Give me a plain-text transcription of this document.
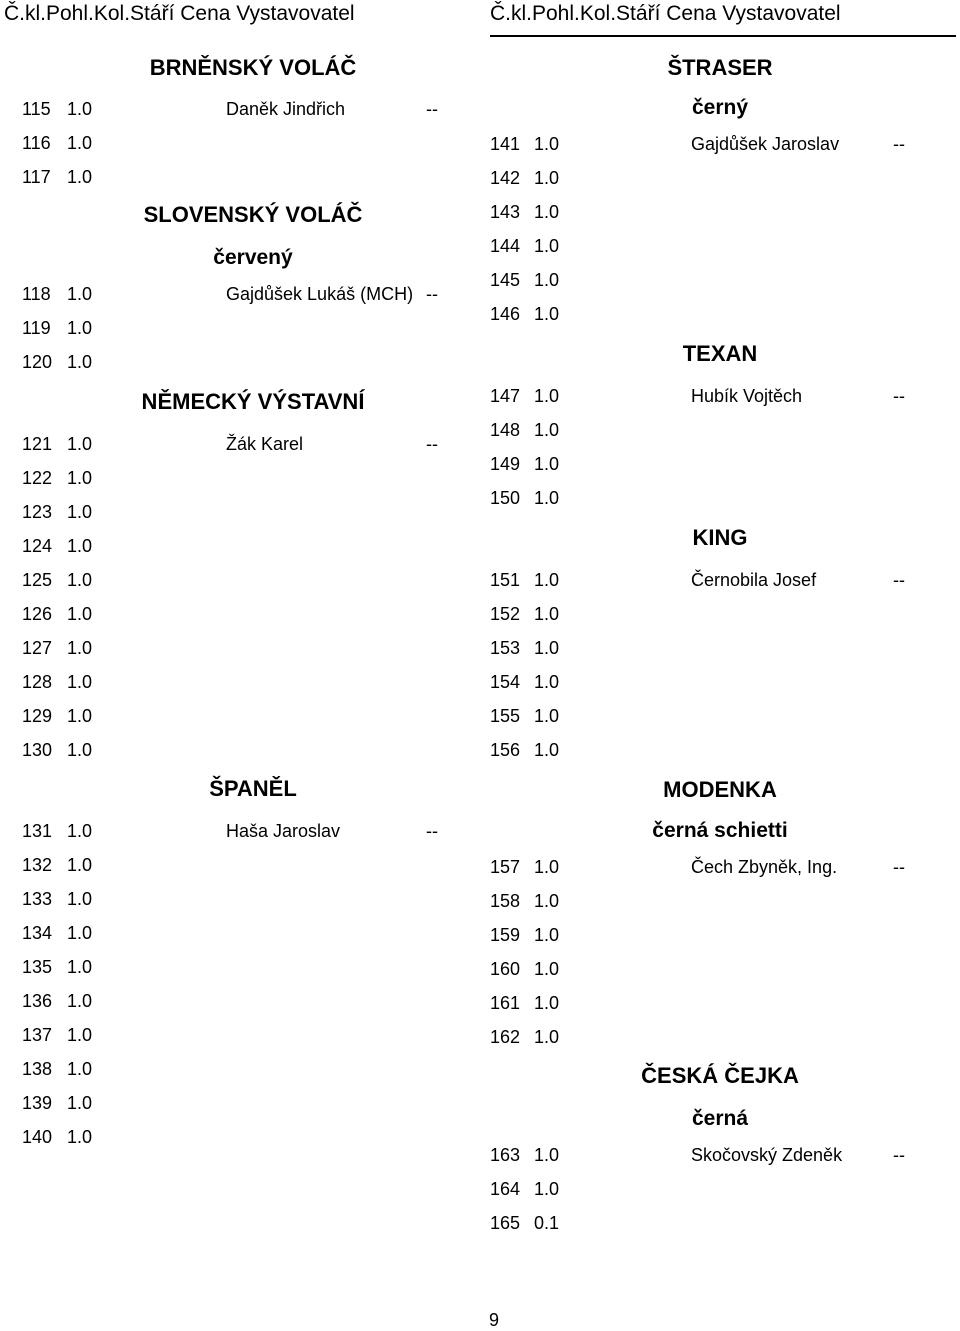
Č.kl.Pohl.Kol.Stáří Cena Vystavovatel	Č.kl.Pohl.Kol.Stáří Cena Vystavovatel
BRNĚNSKÝ VOLÁČ
115 1.0	Daněk Jindřich	--
116 1.0
117 1.0
SLOVENSKÝ VOLÁČ
červený
118 1.0	Gajdůšek Lukáš (MCH) --
119 1.0
120 1.0
NĚMECKÝ VÝSTAVNÍ
121 1.0	Žák Karel	--
122 1.0
123 1.0
124 1.0
125 1.0
126 1.0
127 1.0
128 1.0
129 1.0
130 1.0
ŠPANĚL
131 1.0	Haša Jaroslav	--
132 1.0
133 1.0
134 1.0
135 1.0
136 1.0
137 1.0
138 1.0
139 1.0
140 1.0
ŠTRASER
černý
141 1.0	Gajdůšek Jaroslav	--
142 1.0
143 1.0
144 1.0
145 1.0
146 1.0
TEXAN
147 1.0	Hubík Vojtěch	--
148 1.0
149 1.0
150 1.0
KING
151 1.0	Černobila Josef	--
152 1.0
153 1.0
154 1.0
155 1.0
156 1.0
MODENKA
černá schietti
157 1.0	Čech Zbyněk, Ing.	--
158 1.0
159 1.0
160 1.0
161 1.0
162 1.0
ČESKÁ ČEJKA
černá
163 1.0	Skočovský Zdeněk	--
164 1.0
165 0.1
9
